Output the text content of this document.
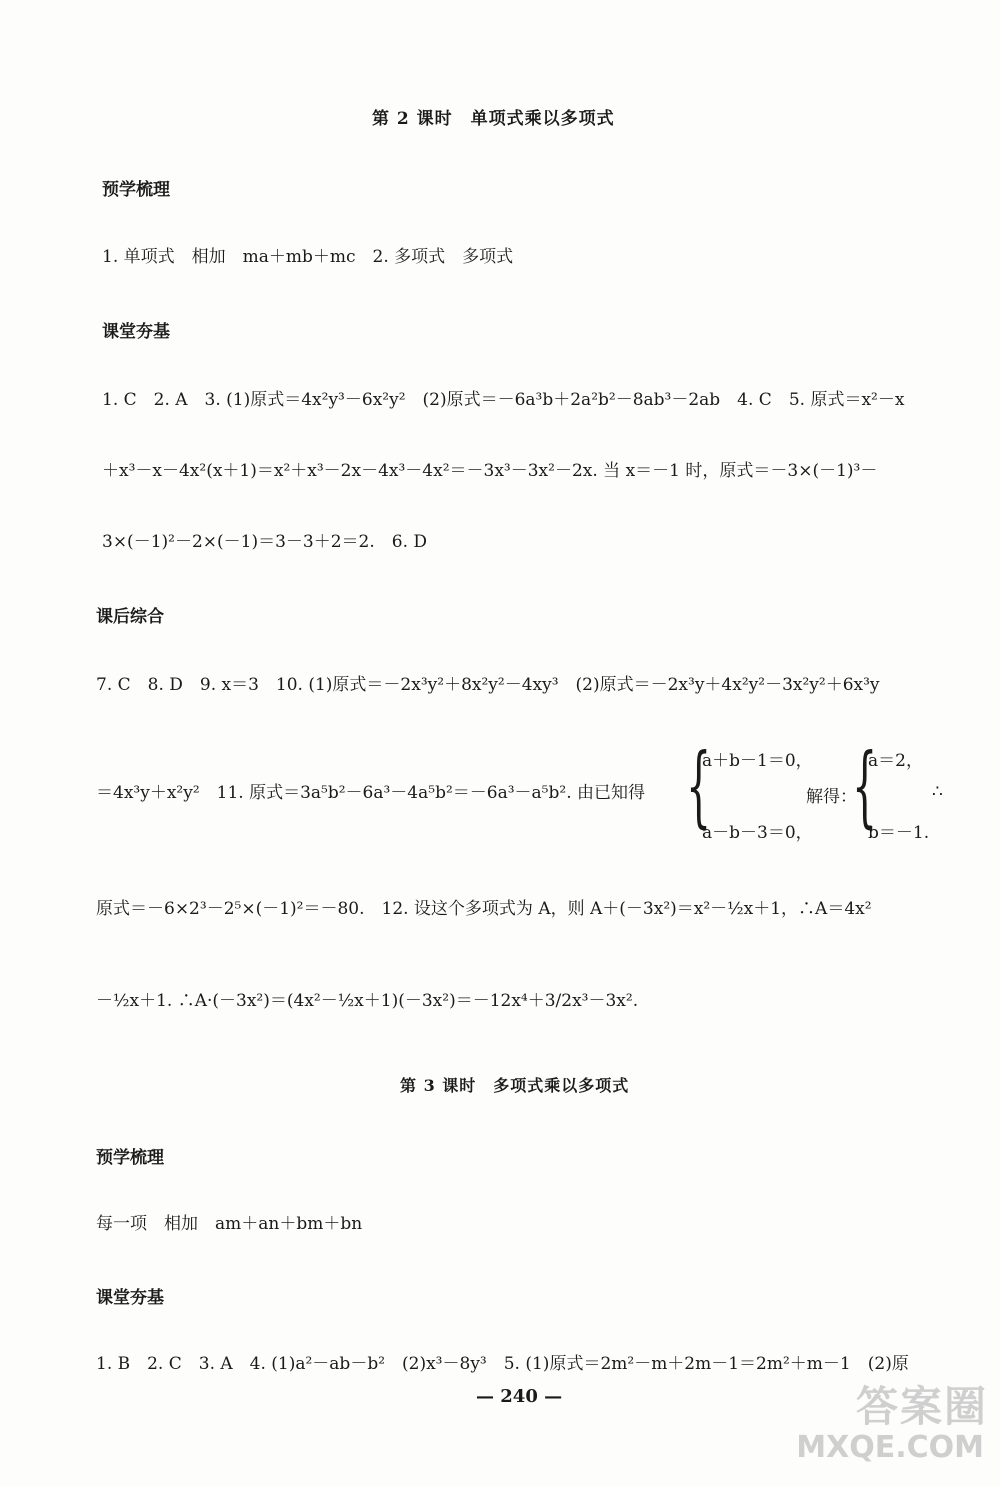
第 2 课时　单项式乘以多项式
预学梳理
1. 单项式　相加　ma＋mb＋mc　2. 多项式　多项式
课堂夯基
1. C　2. A　3. (1)原式＝4x²y³－6x²y²　(2)原式＝－6a³b＋2a²b²－8ab³－2ab　4. C　5. 原式＝x²－x
＋x³－x－4x²(x＋1)＝x²＋x³－2x－4x³－4x²＝－3x³－3x²－2x. 当 x＝－1 时，原式＝－3×(－1)³－
3×(－1)²－2×(－1)＝3－3＋2＝2.　6. D
课后综合
7. C　8. D　9. x＝3　10. (1)原式＝－2x³y²＋8x²y²－4xy³　(2)原式＝－2x³y＋4x²y²－3x²y²＋6x³y
＝4x³y＋x²y²　11. 原式＝3a⁵b²－6a³－4a⁵b²＝－6a³－a⁵b². 由已知得 {
a＋b－1＝0，
a－b－3＝0，
解得：
{
a＝2，
b＝－1.
∴
原式＝－6×2³－2⁵×(－1)²＝－80.　12. 设这个多项式为 A，则 A＋(－3x²)＝x²－½x＋1，∴A＝4x²
－½x＋1. ∴A·(－3x²)＝(4x²－½x＋1)(－3x²)＝－12x⁴＋3/2x³－3x².
第 3 课时　多项式乘以多项式
预学梳理
每一项　相加　am＋an＋bm＋bn
课堂夯基
1. B　2. C　3. A　4. (1)a²－ab－b²　(2)x³－8y³　5. (1)原式＝2m²－m＋2m－1＝2m²＋m－1　(2)原
— 240 —	答案圈
MXQE.COM
